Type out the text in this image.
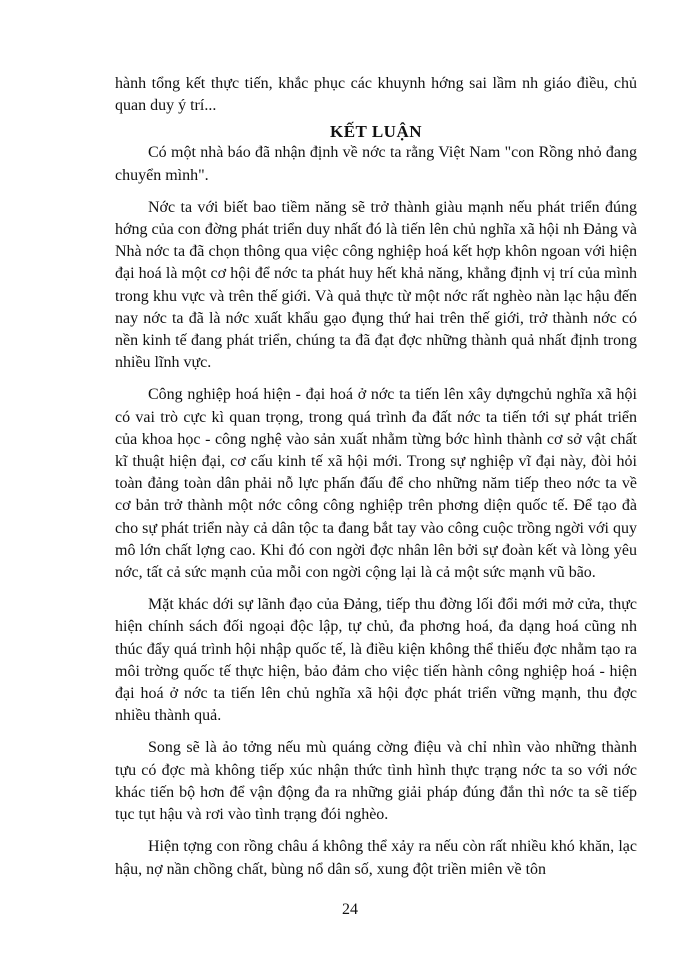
hành tổng kết thực tiến, khắc phục các khuynh hớng sai lầm nh giáo điều, chủ quan duy ý trí...

KẾT LUẬN

Có một nhà báo đã nhận định về nớc ta rằng Việt Nam "con Rồng nhỏ đang chuyển mình".

Nớc ta với biết bao tiềm năng sẽ trở thành giàu mạnh nếu phát triển đúng hớng của con đờng phát triển duy nhất đó là tiến lên chủ nghĩa xã hội nh Đảng và Nhà nớc ta đã chọn thông qua việc công nghiệp hoá kết hợp khôn ngoan với hiện đại hoá là một cơ hội để nớc ta phát huy hết khả năng, khẳng định vị trí của mình trong khu vực và trên thế giới. Và quả thực từ một nớc rất nghèo nàn lạc hậu đến nay nớc ta đã là nớc xuất khẩu gạo đụng thứ hai trên thế giới, trở thành nớc có nền kinh tế đang phát triển, chúng ta đã đạt đợc những thành quả nhất định trong nhiều lĩnh vực.

Công nghiệp hoá hiện - đại hoá ở nớc ta tiến lên xây dựngchủ nghĩa xã hội có vai trò cực kì quan trọng, trong quá trình đa đất nớc ta tiến tới sự phát triển của khoa học - công nghệ vào sản xuất nhằm từng bớc hình thành cơ sở vật chất kĩ thuật hiện đại, cơ cấu kinh tế xã hội mới. Trong sự nghiệp vĩ đại này, đòi hỏi toàn đảng toàn dân phải nỗ lực phấn đấu để cho những năm tiếp theo nớc ta về cơ bản trở thành một nớc công công nghiệp trên phơng diện quốc tế. Để tạo đà cho sự phát triển này cả dân tộc ta đang bắt tay vào công cuộc trồng ngời với quy mô lớn chất lợng cao. Khi đó con ngời đợc nhân lên bởi sự đoàn kết và lòng yêu nớc, tất cả sức mạnh của mỗi con ngời cộng lại là cả một sức mạnh vũ bão.

Mặt khác dới sự lãnh đạo của Đảng, tiếp thu đờng lối đổi mới mở cửa, thực hiện chính sách đối ngoại độc lập, tự chủ, đa phơng hoá, đa dạng hoá cũng nh thúc đẩy quá trình hội nhập quốc tế, là điều kiện không thể thiếu đợc nhằm tạo ra môi trờng quốc tế thực hiện, bảo đảm cho việc tiến hành công nghiệp hoá - hiện đại hoá ở nớc ta tiến lên chủ nghĩa xã hội đợc phát triển vững mạnh, thu đợc nhiều thành quả.

Song sẽ là ảo tởng nếu mù quáng cờng điệu và chỉ nhìn vào những thành tựu có đợc mà không tiếp xúc nhận thức tình hình thực trạng nớc ta so với nớc khác tiến bộ hơn để vận động đa ra những giải pháp đúng đắn thì nớc ta sẽ tiếp tục tụt hậu và rơi vào tình trạng đói nghèo.

Hiện tợng con rồng châu á không thể xảy ra nếu còn rất nhiều khó khăn, lạc hậu, nợ nần chồng chất, bùng nổ dân số, xung đột triền miên về tôn

24
